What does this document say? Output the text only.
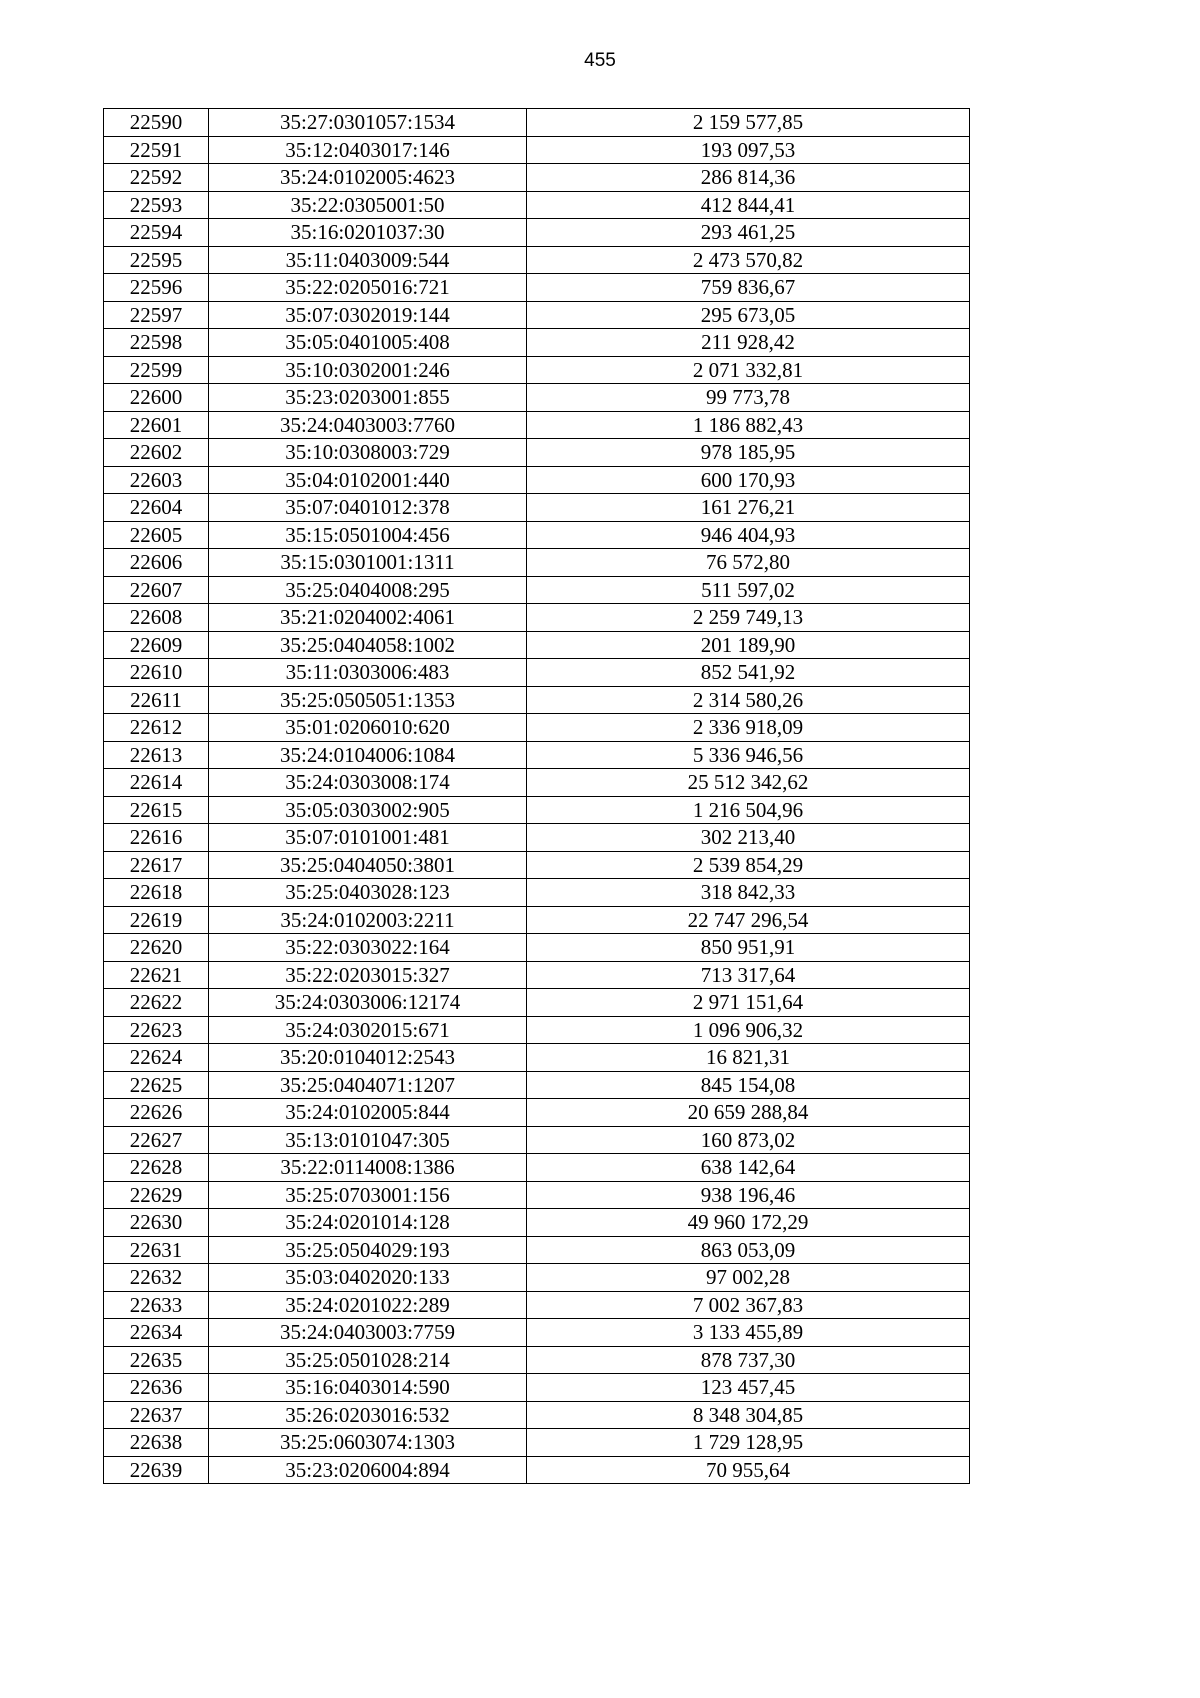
455
22590	35:27:0301057:1534	2 159 577,85
22591	35:12:0403017:146	193 097,53
22592	35:24:0102005:4623	286 814,36
22593	35:22:0305001:50	412 844,41
22594	35:16:0201037:30	293 461,25
22595	35:11:0403009:544	2 473 570,82
22596	35:22:0205016:721	759 836,67
22597	35:07:0302019:144	295 673,05
22598	35:05:0401005:408	211 928,42
22599	35:10:0302001:246	2 071 332,81
22600	35:23:0203001:855	99 773,78
22601	35:24:0403003:7760	1 186 882,43
22602	35:10:0308003:729	978 185,95
22603	35:04:0102001:440	600 170,93
22604	35:07:0401012:378	161 276,21
22605	35:15:0501004:456	946 404,93
22606	35:15:0301001:1311	76 572,80
22607	35:25:0404008:295	511 597,02
22608	35:21:0204002:4061	2 259 749,13
22609	35:25:0404058:1002	201 189,90
22610	35:11:0303006:483	852 541,92
22611	35:25:0505051:1353	2 314 580,26
22612	35:01:0206010:620	2 336 918,09
22613	35:24:0104006:1084	5 336 946,56
22614	35:24:0303008:174	25 512 342,62
22615	35:05:0303002:905	1 216 504,96
22616	35:07:0101001:481	302 213,40
22617	35:25:0404050:3801	2 539 854,29
22618	35:25:0403028:123	318 842,33
22619	35:24:0102003:2211	22 747 296,54
22620	35:22:0303022:164	850 951,91
22621	35:22:0203015:327	713 317,64
22622	35:24:0303006:12174	2 971 151,64
22623	35:24:0302015:671	1 096 906,32
22624	35:20:0104012:2543	16 821,31
22625	35:25:0404071:1207	845 154,08
22626	35:24:0102005:844	20 659 288,84
22627	35:13:0101047:305	160 873,02
22628	35:22:0114008:1386	638 142,64
22629	35:25:0703001:156	938 196,46
22630	35:24:0201014:128	49 960 172,29
22631	35:25:0504029:193	863 053,09
22632	35:03:0402020:133	97 002,28
22633	35:24:0201022:289	7 002 367,83
22634	35:24:0403003:7759	3 133 455,89
22635	35:25:0501028:214	878 737,30
22636	35:16:0403014:590	123 457,45
22637	35:26:0203016:532	8 348 304,85
22638	35:25:0603074:1303	1 729 128,95
22639	35:23:0206004:894	70 955,64
